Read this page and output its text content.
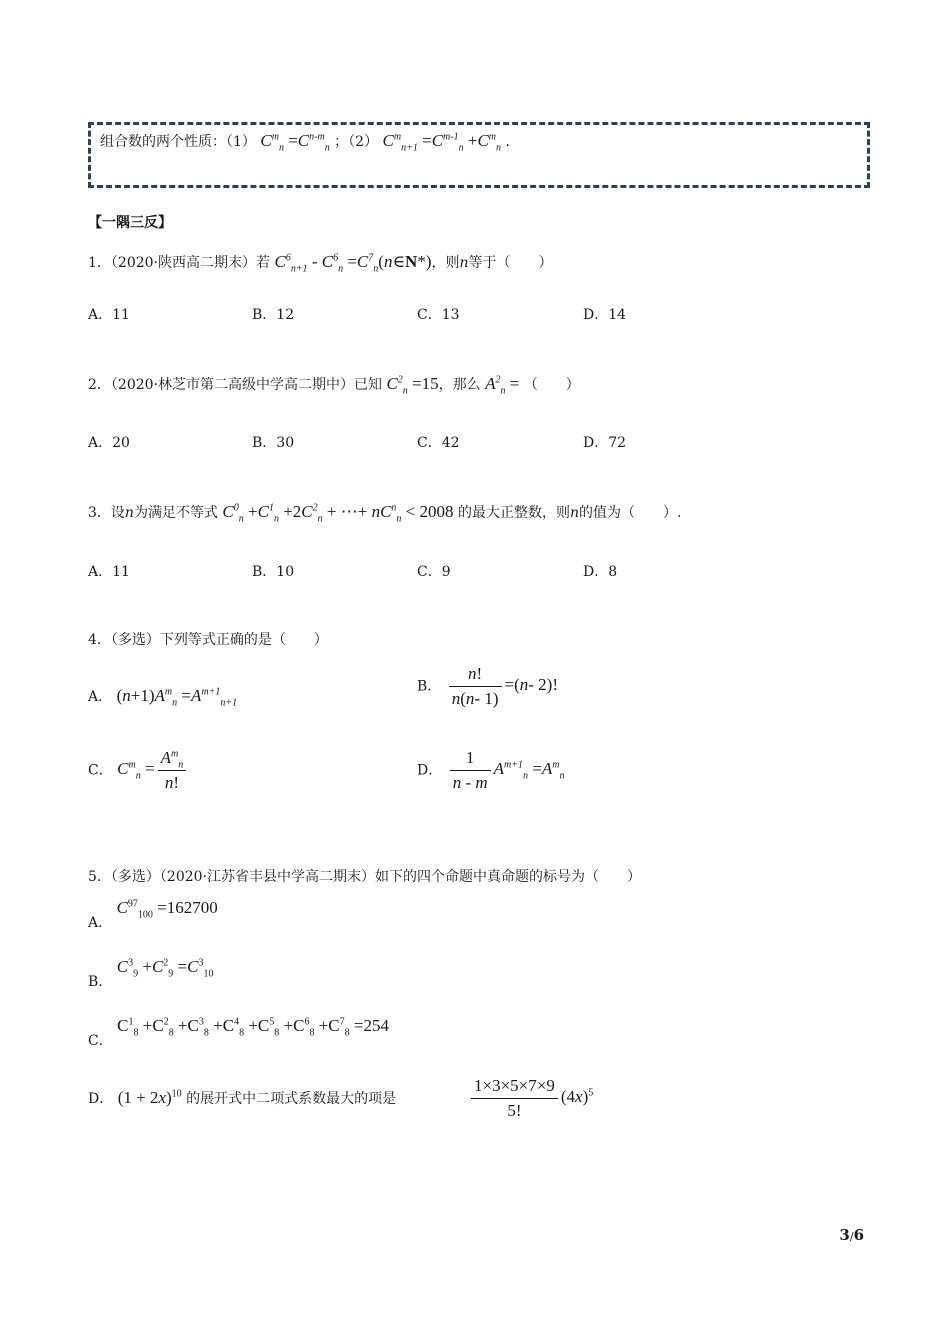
组合数的两个性质：（1） $C^m_n =C^{n-m}_n$ ；（2） $C^m_{n+1} =C^{m-1}_n +C^m_n$ .
【一隅三反】
1．（2020·陕西高二期末）若 $C^6_{n+1} - C^6_n$ $=C^7_n(n\in N*)$，则n等于（　　）
A．11	B．12	C．13	D．14
2．（2020·林芝市第二高级中学高二期中）已知 $C^2_n =15$，那么 $A^2_n$ = （　　）
A．20	B．30	C．42	D．72
3．设n为满足不等式 $C^0_n +C^1_n +2C^2_n$ + ⋯+ $nC^n_n < 2008$ 的最大正整数，则n的值为（　　）.
A．11	B．10	C．9	D．8
4．（多选）下列等式正确的是（　　）
A． $(n+1)A^m_n =A^{m+1}_{n+1}$
B． $\frac{n!}{n(n- 1)} =(n-$ 2)!
C． $C^m_n = \frac{A^m_n}{n!}$	D． $\frac{1}{n - m} A^{m+1}_n =A^m_n$
5．（多选）（2020·江苏省丰县中学高二期末）如下的四个命题中真命题的标号为（　　）
A． $C^{97}_{100} =162700$
B． $C^3_9 +C^2_9 =C^3_{10}$
C． $C^1_8 +C^2_8 +C^3_8 +C^4_8 +C^5_8 +C^6_8 +C^7_8 =254$
D． $(1 + 2x)^{10}$ 的展开式中二项式系数最大的项是	$\frac{1\times 3\times 5\times 7\times 9}{5!} (4x)^5$
3/6
